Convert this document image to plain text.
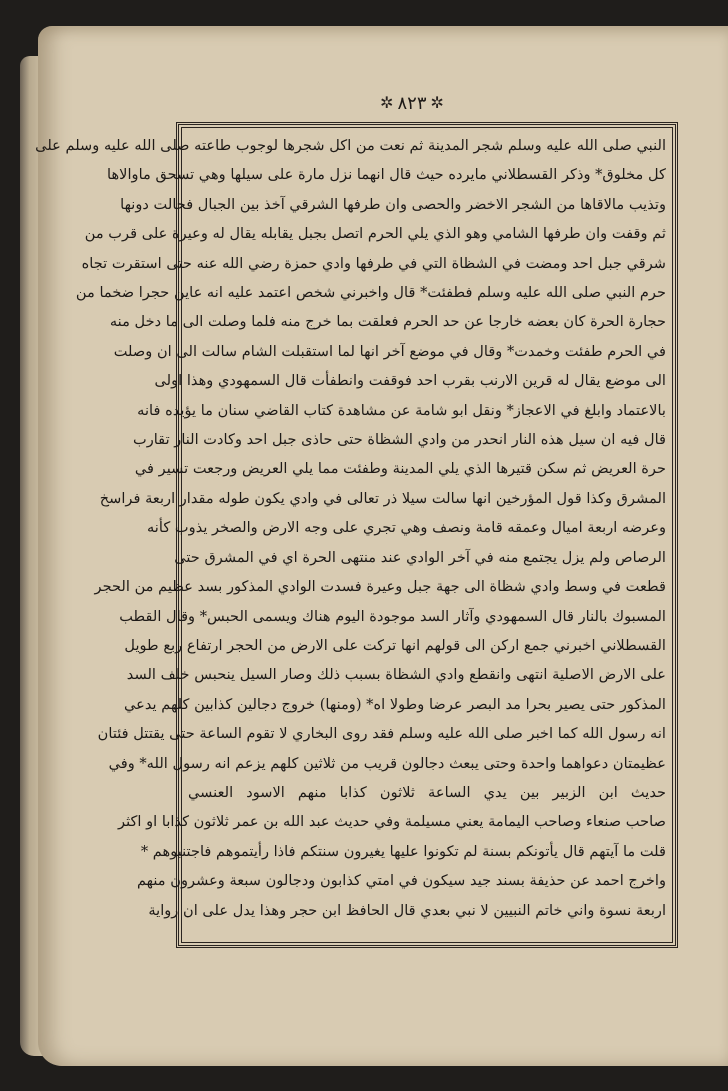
✲ ٨٢٣ ✲
النبي صلى الله عليه وسلم شجر المدينة ثم نعت من اكل شجرها لوجوب طاعته صلى الله عليه وسلم على
كل مخلوق* وذكر القسطلاني مايرده حيث قال انهما نزل مارة على سيلها وهي تسحق ماوالاها
وتذيب مالاقاها من الشجر الاخضر والحصى وان طرفها الشرقي آخذ بين الجبال فحالت دونها
ثم وقفت وان طرفها الشامي وهو الذي يلي الحرم اتصل بجبل يقابله يقال له وعيرة على قرب من
شرقي جبل احد ومضت في الشظاة التي في طرفها وادي حمزة رضي الله عنه حتى استقرت تجاه
حرم النبي صلى الله عليه وسلم فطفئت* قال واخبرني شخص اعتمد عليه انه عاين حجرا ضخما من
حجارة الحرة كان بعضه خارجا عن حد الحرم فعلقت بما خرج منه فلما وصلت الى ما دخل منه
في الحرم طفئت وخمدت* وقال في موضع آخر انها لما استقبلت الشام سالت الى ان وصلت
الى موضع يقال له قرين الارنب بقرب احد فوقفت وانطفأت قال السمهودي وهذا اولى
بالاعتماد وابلغ في الاعجاز* ونقل ابو شامة عن مشاهدة كتاب القاضي سنان ما يؤيده فانه
قال فيه ان سيل هذه النار انحدر من وادي الشظاة حتى حاذى جبل احد وكادت النار تقارب
حرة العريض ثم سكن قتيرها الذي يلي المدينة وطفئت مما يلي العريض ورجعت تسير في
المشرق وكذا قول المؤرخين انها سالت سيلا ذر تعالى في وادي يكون طوله مقدار اربعة فراسخ
وعرضه اربعة اميال وعمقه قامة ونصف وهي تجري على وجه الارض والصخر يذوب كأنه
الرصاص ولم يزل يجتمع منه في آخر الوادي عند منتهى الحرة اي في المشرق حتى
قطعت في وسط وادي شظاة الى جهة جبل وعيرة فسدت الوادي المذكور بسد عظيم من الحجر
المسبوك بالنار قال السمهودي وآثار السد موجودة اليوم هناك ويسمى الحبس* وقال القطب
القسطلاني اخبرني جمع اركن الى قولهم انها تركت على الارض من الحجر ارتفاع ربع طويل
على الارض الاصلية انتهى وانقطع وادي الشظاة بسبب ذلك وصار السيل ينحبس خلف السد
المذكور حتى يصير بحرا مد البصر عرضا وطولا اه* (ومنها) خروج دجالين كذابين كلهم يدعي
انه رسول الله كما اخبر صلى الله عليه وسلم فقد روى البخاري لا تقوم الساعة حتى يقتتل فئتان
عظيمتان دعواهما واحدة وحتى يبعث دجالون قريب من ثلاثين كلهم يزعم انه رسول الله* وفي
حديث ابن الزبير بين يدي الساعة ثلاثون كذابا منهم الاسود العنسي
صاحب صنعاء وصاحب اليمامة يعني مسيلمة وفي حديث عبد الله بن عمر ثلاثون كذابا او اكثر
قلت ما آيتهم قال يأتونكم بسنة لم تكونوا عليها يغيرون سنتكم فاذا رأيتموهم فاجتنبوهم *
واخرج احمد عن حذيفة بسند جيد سيكون في امتي كذابون ودجالون سبعة وعشرون منهم
اربعة نسوة واني خاتم النبيين لا نبي بعدي قال الحافظ ابن حجر وهذا يدل على ان رواية
